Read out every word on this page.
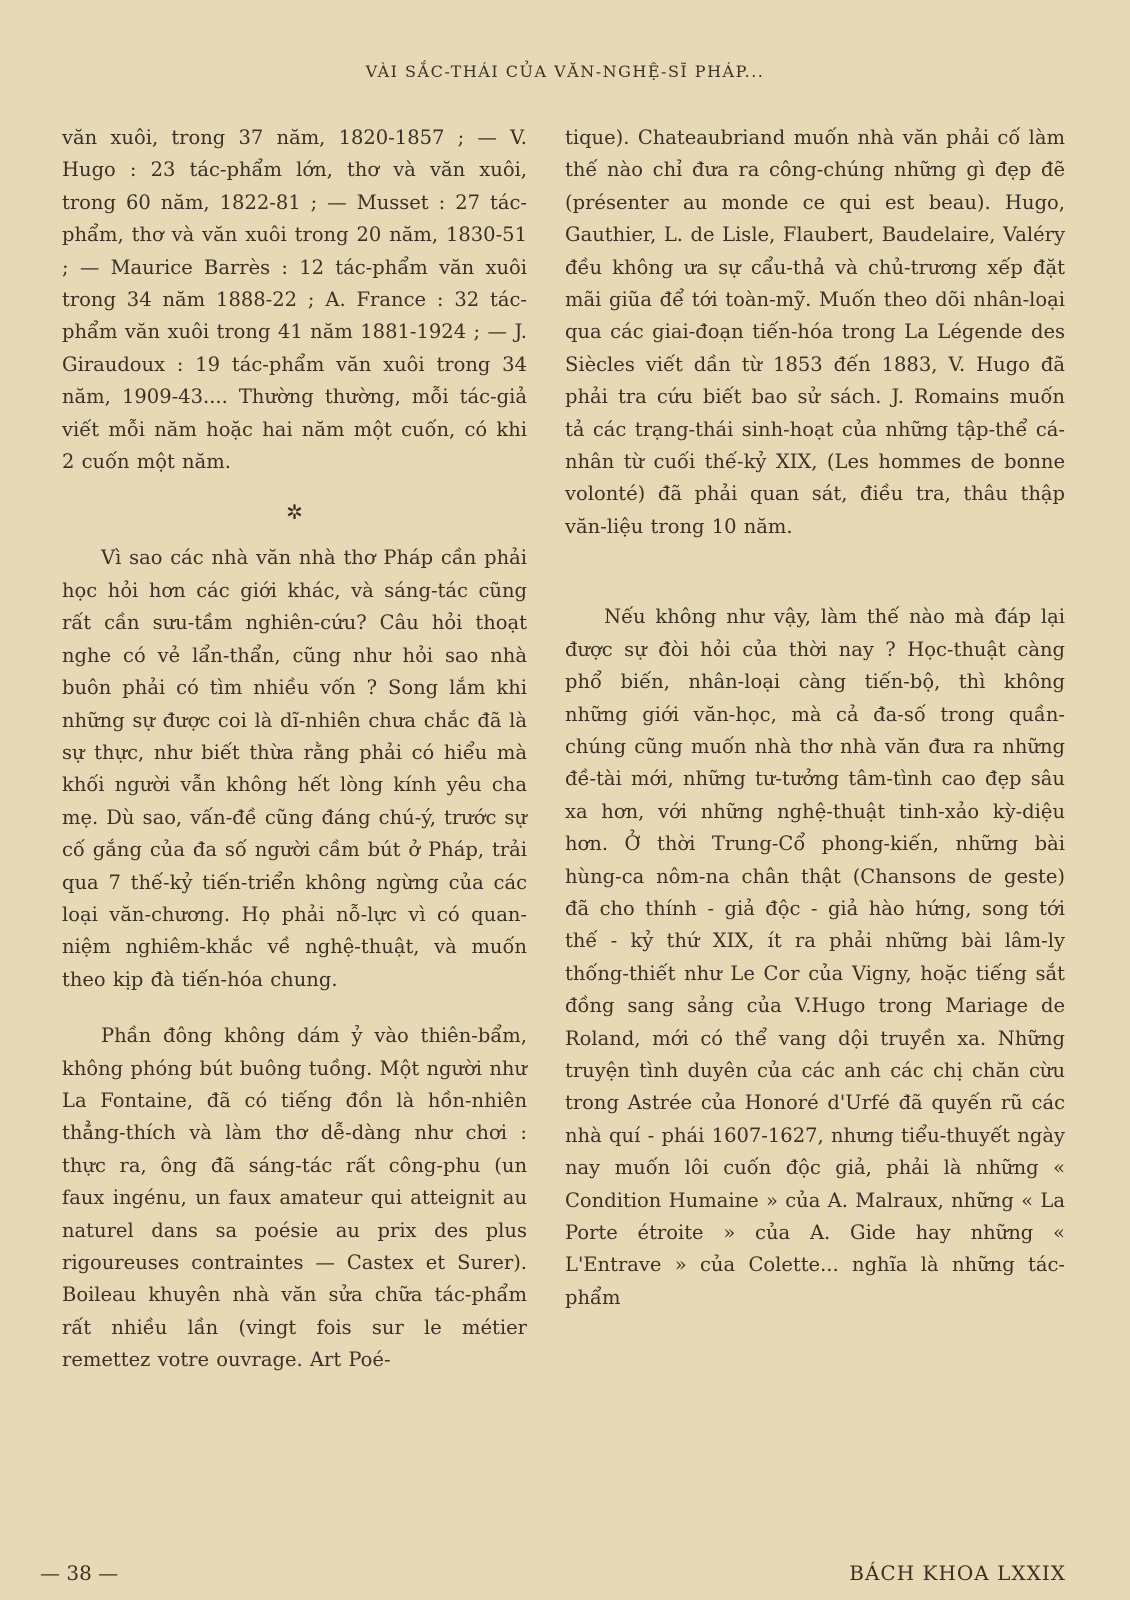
VÀI SẮC-THÁI CỦA VĂN-NGHỆ-SĨ PHÁP...

văn xuôi, trong 37 năm, 1820-1857 ; — V. Hugo : 23 tác-phẩm lớn, thơ và văn xuôi, trong 60 năm, 1822-81 ; — Musset : 27 tác-phẩm, thơ và văn xuôi trong 20 năm, 1830-51 ; — Maurice Barrès : 12 tác-phẩm văn xuôi trong 34 năm 1888-22 ; A. France : 32 tác-phẩm văn xuôi trong 41 năm 1881-1924 ; — J. Giraudoux : 19 tác-phẩm văn xuôi trong 34 năm, 1909-43.... Thường thường, mỗi tác-giả viết mỗi năm hoặc hai năm một cuốn, có khi 2 cuốn một năm.

✲

Vì sao các nhà văn nhà thơ Pháp cần phải học hỏi hơn các giới khác, và sáng-tác cũng rất cần sưu-tầm nghiên-cứu? Câu hỏi thoạt nghe có vẻ lẩn-thẩn, cũng như hỏi sao nhà buôn phải có tìm nhiều vốn ? Song lắm khi những sự được coi là dĩ-nhiên chưa chắc đã là sự thực, như biết thừa rằng phải có hiểu mà khối người vẫn không hết lòng kính yêu cha mẹ. Dù sao, vấn-đề cũng đáng chú-ý, trước sự cố gắng của đa số người cầm bút ở Pháp, trải qua 7 thế-kỷ tiến-triển không ngừng của các loại văn-chương. Họ phải nỗ-lực vì có quan-niệm nghiêm-khắc về nghệ-thuật, và muốn theo kịp đà tiến-hóa chung.

Phần đông không dám ỷ vào thiên-bẩm, không phóng bút buông tuồng. Một người như La Fontaine, đã có tiếng đồn là hồn-nhiên thẳng-thích và làm thơ dễ-dàng như chơi : thực ra, ông đã sáng-tác rất công-phu (un faux ingénu, un faux amateur qui atteignit au naturel dans sa poésie au prix des plus rigoureuses contraintes — Castex et Surer). Boileau khuyên nhà văn sửa chữa tác-phẩm rất nhiều lần (vingt fois sur le métier remettez votre ouvrage. Art Poé-

tique). Chateaubriand muốn nhà văn phải cố làm thế nào chỉ đưa ra công-chúng những gì đẹp đẽ (présenter au monde ce qui est beau). Hugo, Gauthier, L. de Lisle, Flaubert, Baudelaire, Valéry đều không ưa sự cẩu-thả và chủ-trương xếp đặt mãi giũa để tới toàn-mỹ. Muốn theo dõi nhân-loại qua các giai-đoạn tiến-hóa trong La Légende des Siècles viết dần từ 1853 đến 1883, V. Hugo đã phải tra cứu biết bao sử sách. J. Romains muốn tả các trạng-thái sinh-hoạt của những tập-thể cá-nhân từ cuối thế-kỷ XIX, (Les hommes de bonne volonté) đã phải quan sát, điều tra, thâu thập văn-liệu trong 10 năm.

Nếu không như vậy, làm thế nào mà đáp lại được sự đòi hỏi của thời nay ? Học-thuật càng phổ biến, nhân-loại càng tiến-bộ, thì không những giới văn-học, mà cả đa-số trong quần-chúng cũng muốn nhà thơ nhà văn đưa ra những đề-tài mới, những tư-tưởng tâm-tình cao đẹp sâu xa hơn, với những nghệ-thuật tinh-xảo kỳ-diệu hơn. Ở thời Trung-Cổ phong-kiến, những bài hùng-ca nôm-na chân thật (Chansons de geste) đã cho thính - giả độc - giả hào hứng, song tới thế - kỷ thứ XIX, ít ra phải những bài lâm-ly thống-thiết như Le Cor của Vigny, hoặc tiếng sắt đồng sang sảng của V.Hugo trong Mariage de Roland, mới có thể vang dội truyền xa. Những truyện tình duyên của các anh các chị chăn cừu trong Astrée của Honoré d'Urfé đã quyến rũ các nhà quí - phái 1607-1627, nhưng tiểu-thuyết ngày nay muốn lôi cuốn độc giả, phải là những « Condition Humaine » của A. Malraux, những « La Porte étroite » của A. Gide hay những « L'Entrave » của Colette... nghĩa là những tác-phẩm

— 38 —	BÁCH KHOA LXXIX
